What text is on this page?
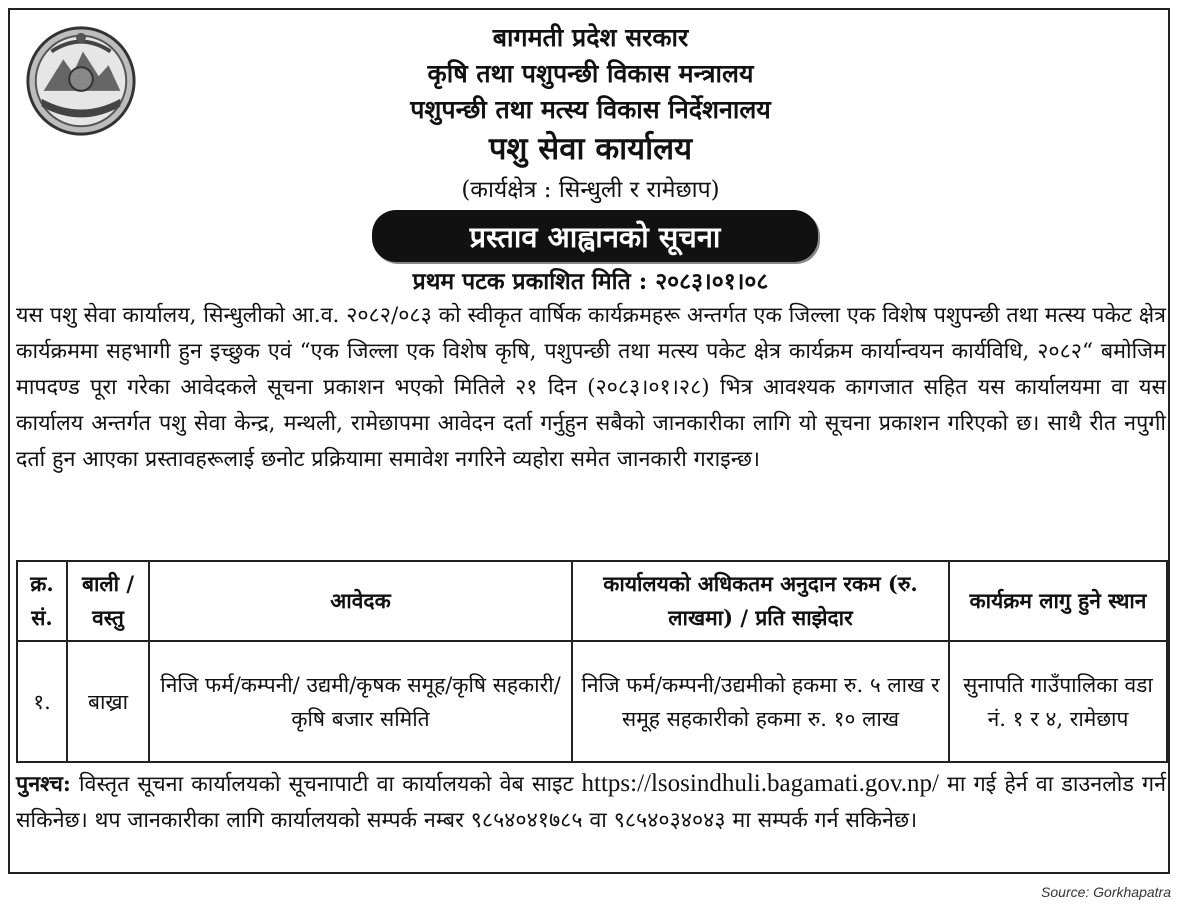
बागमती प्रदेश सरकार
कृषि तथा पशुपन्छी विकास मन्त्रालय
पशुपन्छी तथा मत्स्य विकास निर्देशनालय
पशु सेवा कार्यालय
(कार्यक्षेत्र : सिन्धुली र रामेछाप)
प्रस्ताव आह्वानको सूचना
प्रथम पटक प्रकाशित मिति : २०८३।०१।०८
यस पशु सेवा कार्यालय, सिन्धुलीको आ.व. २०८२/०८३ को स्वीकृत वार्षिक कार्यक्रमहरू अन्तर्गत एक जिल्ला एक विशेष पशुपन्छी तथा मत्स्य पकेट क्षेत्र कार्यक्रममा सहभागी हुन इच्छुक एवं “एक जिल्ला एक विशेष कृषि, पशुपन्छी तथा मत्स्य पकेट क्षेत्र कार्यक्रम कार्यान्वयन कार्यविधि, २०८२“ बमोजिम मापदण्ड पूरा गरेका आवेदकले सूचना प्रकाशन भएको मितिले २१ दिन (२०८३।०१।२८) भित्र आवश्यक कागजात सहित यस कार्यालयमा वा यस कार्यालय अन्तर्गत पशु सेवा केन्द्र, मन्थली, रामेछापमा आवेदन दर्ता गर्नुहुन सबैको जानकारीका लागि यो सूचना प्रकाशन गरिएको छ। साथै रीत नपुगी दर्ता हुन आएका प्रस्तावहरूलाई छनोट प्रक्रियामा समावेश नगरिने व्यहोरा समेत जानकारी गराइन्छ।
क्र. सं.	बाली / वस्तु	आवेदक	कार्यालयको अधिकतम अनुदान रकम (रु. लाखमा) / प्रति साझेदार	कार्यक्रम लागु हुने स्थान
१.	बाख्रा	निजि फर्म/कम्पनी/ उद्यमी/कृषक समूह/कृषि सहकारी/कृषि बजार समिति	निजि फर्म/कम्पनी/उद्यमीको हकमा रु. ५ लाख र समूह सहकारीको हकमा रु. १० लाख	सुनापति गाउँपालिका वडा नं. १ र ४, रामेछाप
पुनश्च: विस्तृत सूचना कार्यालयको सूचनापाटी वा कार्यालयको वेब साइट https://lsosindhuli.bagamati.gov.np/ मा गई हेर्न वा डाउनलोड गर्न सकिनेछ। थप जानकारीका लागि कार्यालयको सम्पर्क नम्बर ९८५४०४१७८५ वा ९८५४०३४०४३ मा सम्पर्क गर्न सकिनेछ।
Source: Gorkhapatra
